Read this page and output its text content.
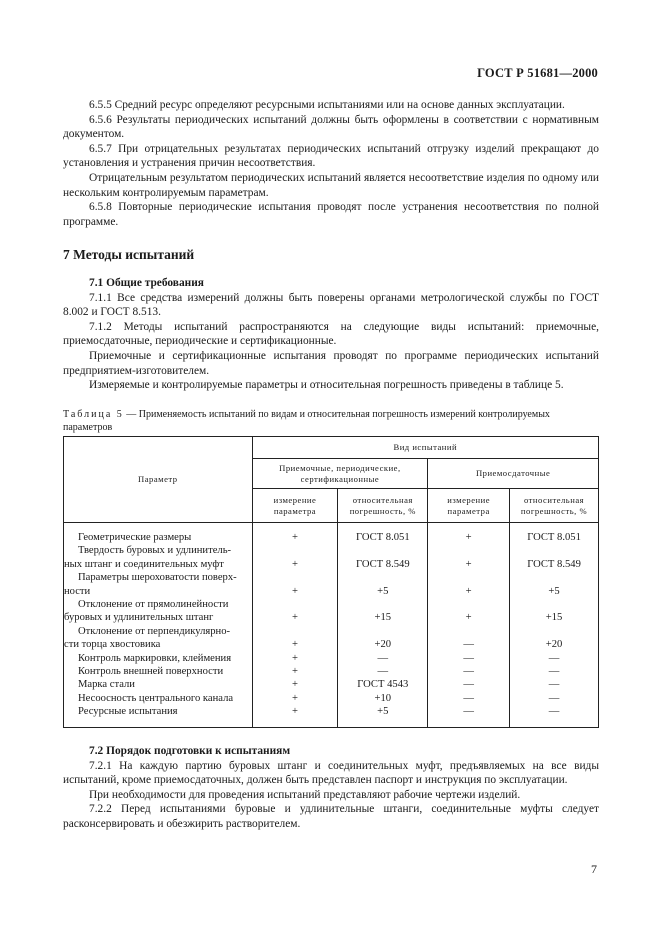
ГОСТ Р 51681—2000

6.5.5 Средний ресурс определяют ресурсными испытаниями или на основе данных эксплуатации.

6.5.6 Результаты периодических испытаний должны быть оформлены в соответствии с нормативным документом.

6.5.7 При отрицательных результатах периодических испытаний отгрузку изделий прекращают до установления и устранения причин несоответствия.

Отрицательным результатом периодических испытаний является несоответствие изделия по одному или нескольким контролируемым параметрам.

6.5.8 Повторные периодические испытания проводят после устранения несоответствия по полной программе.

7 Методы испытаний

7.1 Общие требования

7.1.1 Все средства измерений должны быть поверены органами метрологической службы по ГОСТ 8.002 и ГОСТ 8.513.

7.1.2 Методы испытаний распространяются на следующие виды испытаний: приемочные, приемосдаточные, периодические и сертификационные.

Приемочные и сертификационные испытания проводят по программе периодических испытаний предприятием-изготовителем.

Измеряемые и контролируемые параметры и относительная погрешность приведены в таблице 5.

Таблица 5 — Применяемость испытаний по видам и относительная погрешность измерений контролируемых параметров
Параметр	Вид испытаний			
	Приемочные, периодические, сертификационные		Приемосдаточные	
	измерение параметра	относительная погрешность, %	измерение параметра	относительная погрешность, %

Геометрические размеры	+	ГОСТ 8.051	+	ГОСТ 8.051

Твердость буровых и удлинитель-
ных штанг и соединительных муфт	+	ГОСТ 8.549	+	ГОСТ 8.549

Параметры шероховатости поверх-
ности	+	+5	+	+5

Отклонение от прямолинейности
буровых и удлинительных штанг	+	+15	+	+15

Отклонение от перпендикулярно-
сти торца хвостовика	+	+20	—	+20

Контроль маркировки, клеймения	+	—	—	—

Контроль внешней поверхности	+	—	—	—

Марка стали	+	ГОСТ 4543	—	—

Несоосность центрального канала	+	+10	—	—

Ресурсные испытания	+	+5	—	—

7.2 Порядок подготовки к испытаниям

7.2.1 На каждую партию буровых штанг и соединительных муфт, предъявляемых на все виды испытаний, кроме приемосдаточных, должен быть представлен паспорт и инструкция по эксплуатации.

При необходимости для проведения испытаний представляют рабочие чертежи изделий.

7.2.2 Перед испытаниями буровые и удлинительные штанги, соединительные муфты следует расконсервировать и обезжирить растворителем.

7
